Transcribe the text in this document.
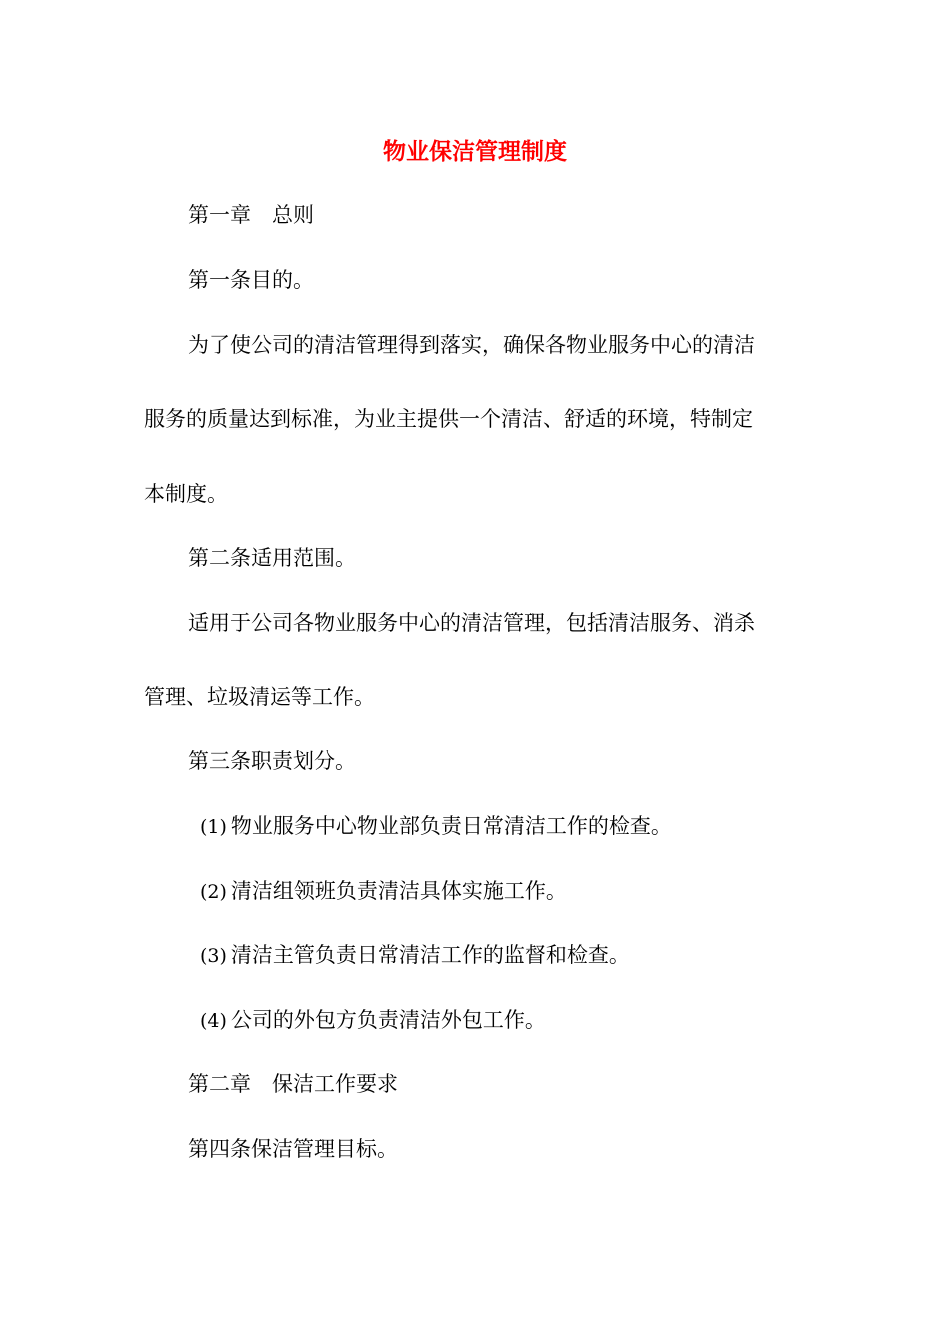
物业保洁管理制度
第一章　总则
第一条目的。
为了使公司的清洁管理得到落实，确保各物业服务中心的清洁
服务的质量达到标准，为业主提供一个清洁、舒适的环境，特制定
本制度。
第二条适用范围。
适用于公司各物业服务中心的清洁管理，包括清洁服务、消杀
管理、垃圾清运等工作。
第三条职责划分。
(1) 物业服务中心物业部负责日常清洁工作的检查。
(2) 清洁组领班负责清洁具体实施工作。
(3) 清洁主管负责日常清洁工作的监督和检查。
(4) 公司的外包方负责清洁外包工作。
第二章　保洁工作要求
第四条保洁管理目标。
